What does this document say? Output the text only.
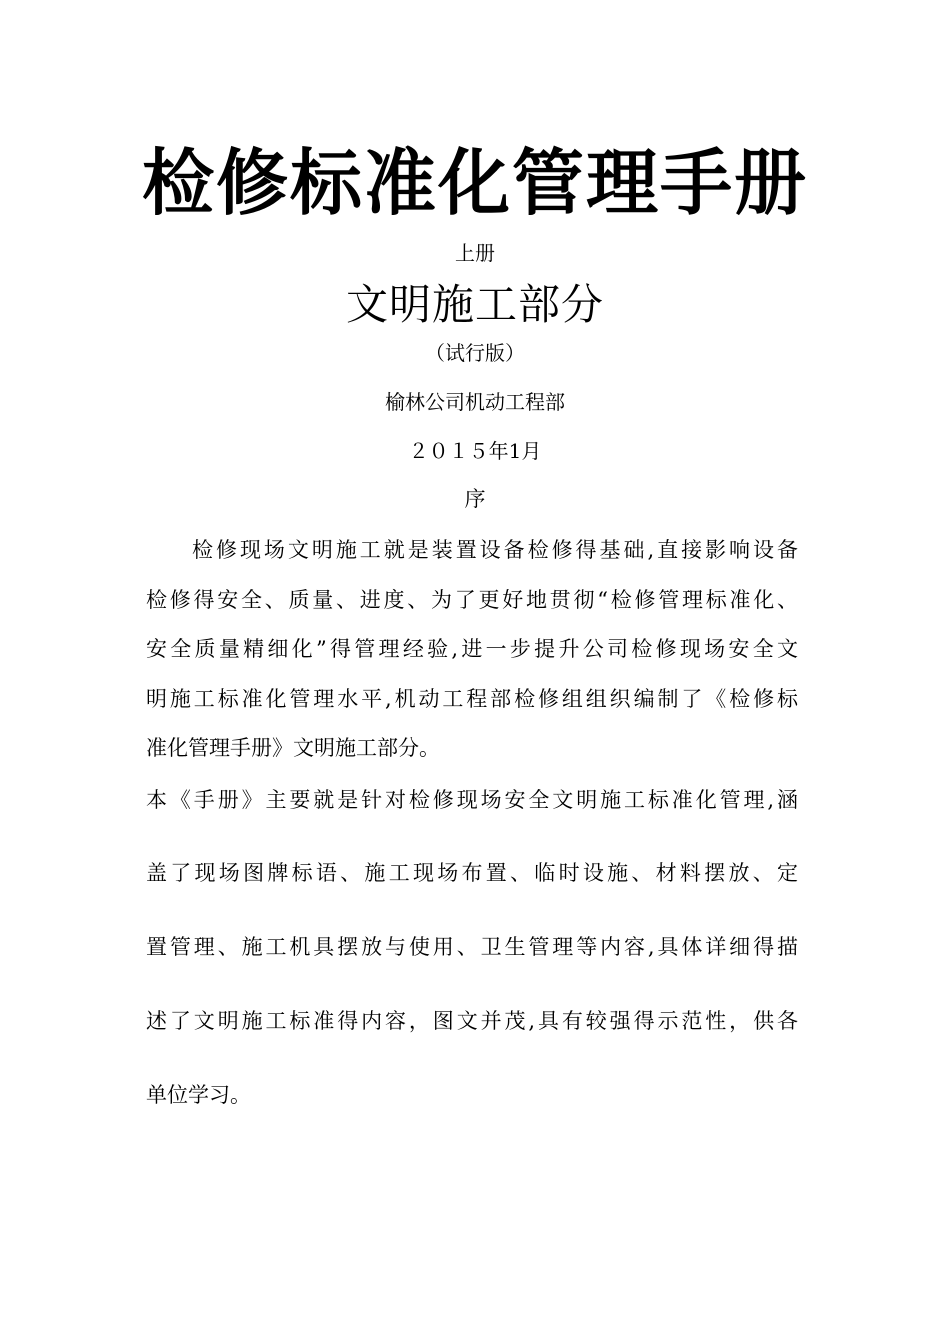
检修标准化管理手册
上册
文明施工部分
（试行版）
榆林公司机动工程部
２０１５年1月
序
检修现场文明施工就是装置设备检修得基础,直接影响设备
检修得安全、质量、进度、为了更好地贯彻“检修管理标准化、
安全质量精细化”得管理经验,进一步提升公司检修现场安全文
明施工标准化管理水平,机动工程部检修组组织编制了《检修标
准化管理手册》文明施工部分。
本《手册》主要就是针对检修现场安全文明施工标准化管理,涵
盖了现场图牌标语、施工现场布置、临时设施、材料摆放、定
置管理、施工机具摆放与使用、卫生管理等内容,具体详细得描
述了文明施工标准得内容，图文并茂,具有较强得示范性，供各
单位学习。
